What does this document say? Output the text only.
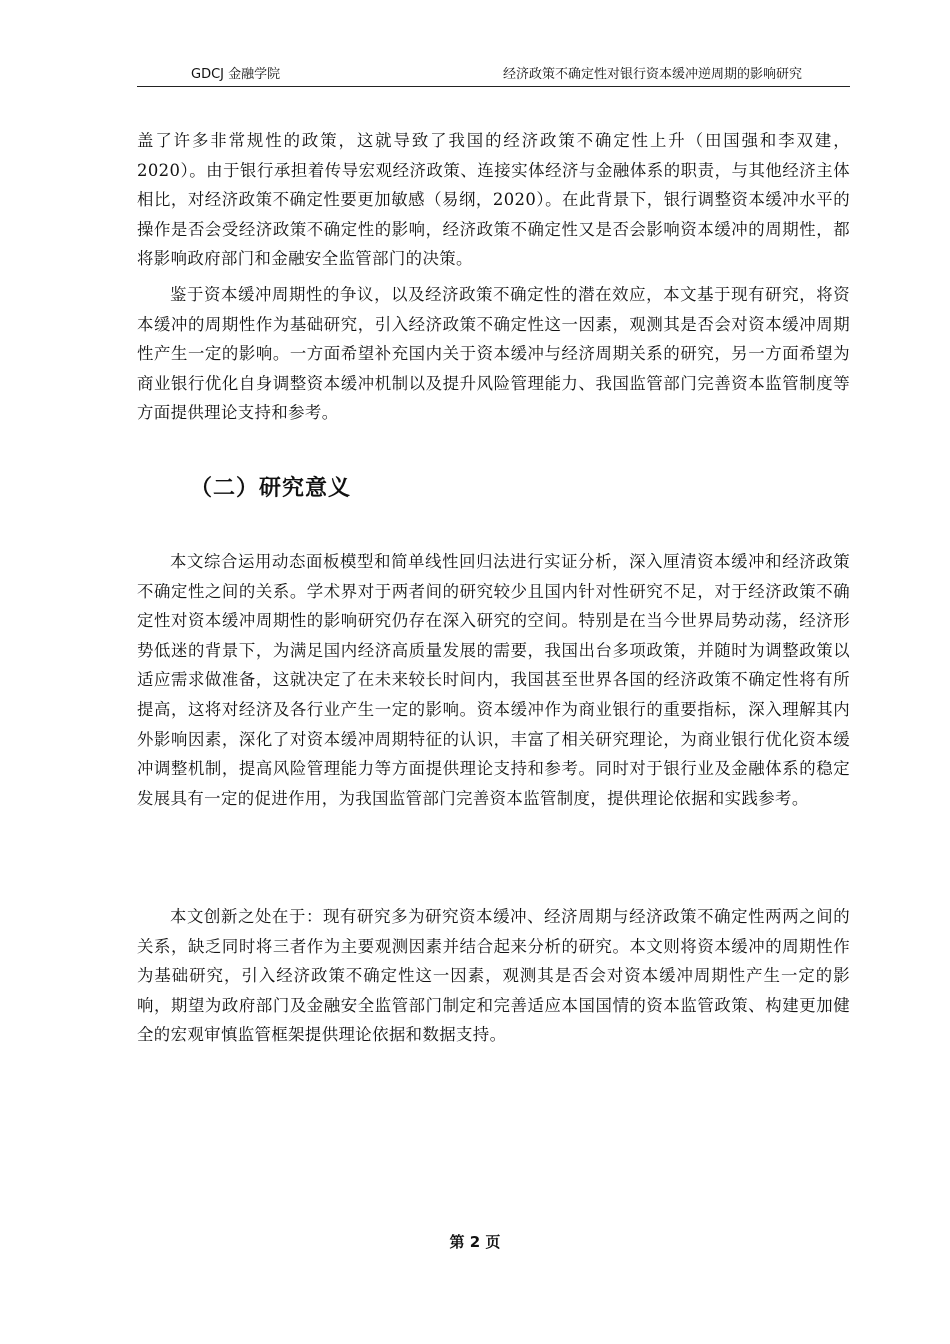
GDCJ 金融学院	经济政策不确定性对银行资本缓冲逆周期的影响研究

盖了许多非常规性的政策，这就导致了我国的经济政策不确定性上升（田国强和李双建，2020）。由于银行承担着传导宏观经济政策、连接实体经济与金融体系的职责，与其他经济主体相比，对经济政策不确定性要更加敏感（易纲，2020）。在此背景下，银行调整资本缓冲水平的操作是否会受经济政策不确定性的影响，经济政策不确定性又是否会影响资本缓冲的周期性，都将影响政府部门和金融安全监管部门的决策。

鉴于资本缓冲周期性的争议，以及经济政策不确定性的潜在效应，本文基于现有研究，将资本缓冲的周期性作为基础研究，引入经济政策不确定性这一因素，观测其是否会对资本缓冲周期性产生一定的影响。一方面希望补充国内关于资本缓冲与经济周期关系的研究，另一方面希望为商业银行优化自身调整资本缓冲机制以及提升风险管理能力、我国监管部门完善资本监管制度等方面提供理论支持和参考。

（二）研究意义

本文综合运用动态面板模型和简单线性回归法进行实证分析，深入厘清资本缓冲和经济政策不确定性之间的关系。学术界对于两者间的研究较少且国内针对性研究不足，对于经济政策不确定性对资本缓冲周期性的影响研究仍存在深入研究的空间。特别是在当今世界局势动荡，经济形势低迷的背景下，为满足国内经济高质量发展的需要，我国出台多项政策，并随时为调整政策以适应需求做准备，这就决定了在未来较长时间内，我国甚至世界各国的经济政策不确定性将有所提高，这将对经济及各行业产生一定的影响。资本缓冲作为商业银行的重要指标，深入理解其内外影响因素，深化了对资本缓冲周期特征的认识，丰富了相关研究理论，为商业银行优化资本缓冲调整机制，提高风险管理能力等方面提供理论支持和参考。同时对于银行业及金融体系的稳定发展具有一定的促进作用，为我国监管部门完善资本监管制度，提供理论依据和实践参考。

本文创新之处在于：现有研究多为研究资本缓冲、经济周期与经济政策不确定性两两之间的关系，缺乏同时将三者作为主要观测因素并结合起来分析的研究。本文则将资本缓冲的周期性作为基础研究，引入经济政策不确定性这一因素，观测其是否会对资本缓冲周期性产生一定的影响，期望为政府部门及金融安全监管部门制定和完善适应本国国情的资本监管政策、构建更加健全的宏观审慎监管框架提供理论依据和数据支持。

第 2 页
